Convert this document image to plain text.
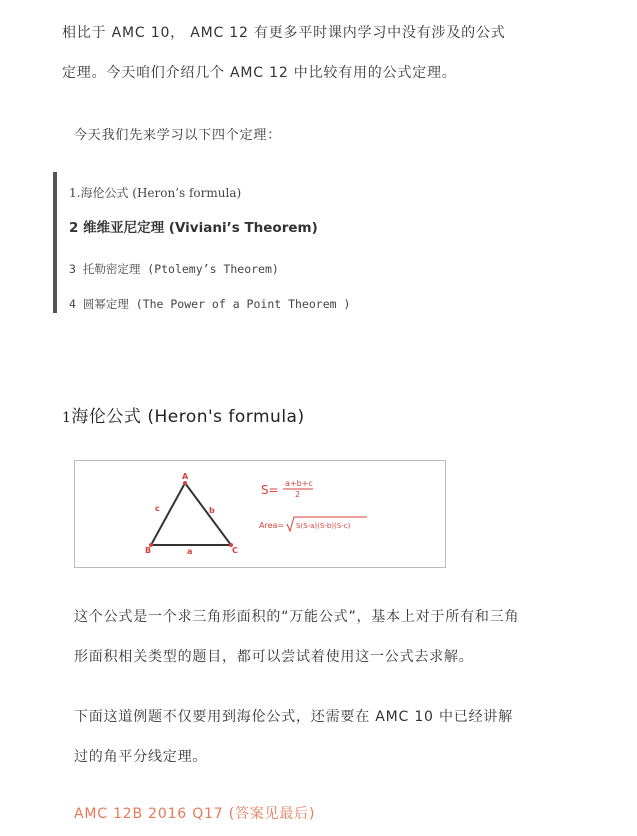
相比于 AMC 10， AMC 12 有更多平时课内学习中没有涉及的公式

定理。今天咱们介绍几个 AMC 12 中比较有用的公式定理。

今天我们先来学习以下四个定理：

1.海伦公式 (Heron’s formula)
2 维维亚尼定理 (Viviani’s Theorem)
3 托勒密定理 (Ptolemy’s Theorem)
4 圆幂定理 (The Power of a Point Theorem )
1海伦公式 (Heron's formula)
A
B	C
c	b
a
S= a+b+c
2
Area= S(S-a)(S-b)(S-c)

这个公式是一个求三角形面积的“万能公式”，基本上对于所有和三角

形面积相关类型的题目，都可以尝试着使用这一公式去求解。

下面这道例题不仅要用到海伦公式，还需要在 AMC 10 中已经讲解

过的角平分线定理。

AMC 12B 2016 Q17 (答案见最后)
